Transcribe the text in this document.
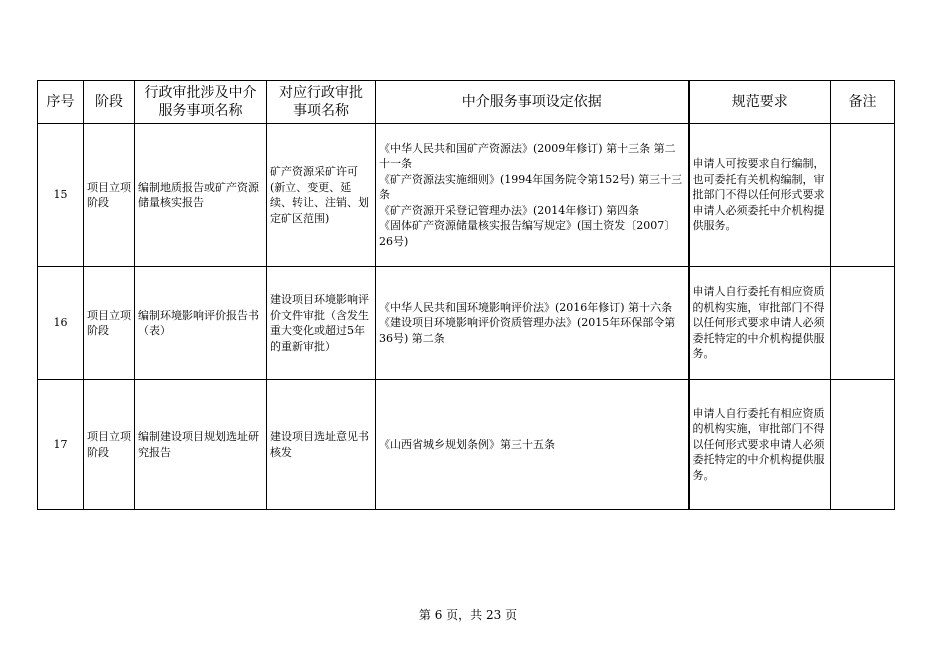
序号	阶段	行政审批涉及中介服务事项名称	对应行政审批事项名称	中介服务事项设定依据	规范要求	备注
15	项目立项阶段	编制地质报告或矿产资源储量核实报告	矿产资源采矿许可(新立、变更、延续、转让、注销、划定矿区范围)	《中华人民共和国矿产资源法》(2009年修订) 第十三条 第二十一条
《矿产资源法实施细则》(1994年国务院令第152号) 第三十三条
《矿产资源开采登记管理办法》(2014年修订) 第四条
《固体矿产资源储量核实报告编写规定》(国土资发〔2007〕26号)	申请人可按要求自行编制，也可委托有关机构编制，审批部门不得以任何形式要求申请人必须委托中介机构提供服务。	
16	项目立项阶段	编制环境影响评价报告书（表）	建设项目环境影响评价文件审批（含发生重大变化或超过5年的重新审批）	《中华人民共和国环境影响评价法》(2016年修订) 第十六条
《建设项目环境影响评价资质管理办法》(2015年环保部令第36号) 第二条	申请人自行委托有相应资质的机构实施，审批部门不得以任何形式要求申请人必须委托特定的中介机构提供服务。	
17	项目立项阶段	编制建设项目规划选址研究报告	建设项目选址意见书核发	《山西省城乡规划条例》第三十五条	申请人自行委托有相应资质的机构实施，审批部门不得以任何形式要求申请人必须委托特定的中介机构提供服务。	
第 6 页，共 23 页
